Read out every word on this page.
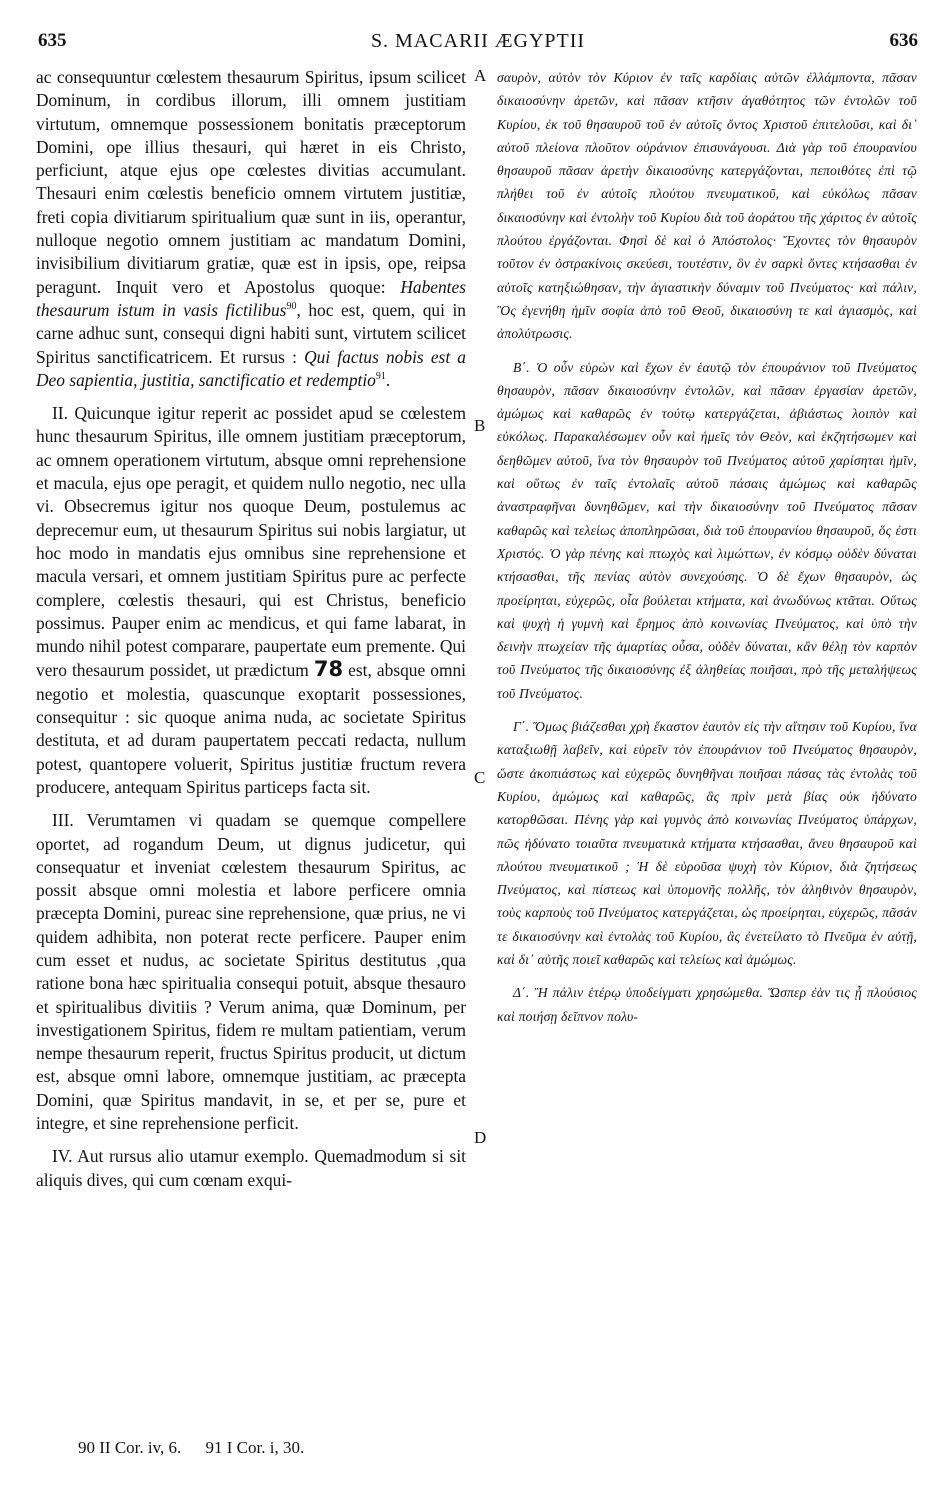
635	S. MACARII ÆGYPTII	636

ac consequuntur cœlestem thesaurum Spiritus, ipsum scilicet Dominum, in cordibus illorum, illi omnem justitiam virtutum, omnemque possessionem bonitatis præceptorum Domini, ope illius thesauri, qui hæret in eis Christo, perficiunt, atque ejus ope cœlestes divitias accumulant. Thesauri enim cœlestis beneficio omnem virtutem justitiæ, freti copia divitiarum spiritualium quæ sunt in iis, operantur, nulloque negotio omnem justitiam ac mandatum Domini, invisibilium divitiarum gratiæ, quæ est in ipsis, ope, reipsa peragunt. Inquit vero et Apostolus quoque: Habentes thesaurum istum in vasis fictilibus$^{90}$, hoc est, quem, qui in carne adhuc sunt, consequi digni habiti sunt, virtutem scilicet Spiritus sanctificatricem. Et rursus : Qui factus nobis est a Deo sapientia, justitia, sanctificatio et redemptio$^{91}$.

II. Quicunque igitur reperit ac possidet apud se cœlestem hunc thesaurum Spiritus, ille omnem justitiam præceptorum, ac omnem operationem virtutum, absque omni reprehensione et macula, ejus ope peragit, et quidem nullo negotio, nec ulla vi. Obsecremus igitur nos quoque Deum, postulemus ac deprecemur eum, ut thesaurum Spiritus sui nobis largiatur, ut hoc modo in mandatis ejus omnibus sine reprehensione et macula versari, et omnem justitiam Spiritus pure ac perfecte complere, cœlestis thesauri, qui est Christus, beneficio possimus. Pauper enim ac mendicus, et qui fame labarat, in mundo nihil potest comparare, paupertate eum premente. Qui vero thesaurum possidet, ut prædictum 78 est, absque omni negotio et molestia, quascunque exoptarit possessiones, consequitur : sic quoque anima nuda, ac societate Spiritus destituta, et ad duram paupertatem peccati redacta, nullum potest, quantopere voluerit, Spiritus justitiæ fructum revera producere, antequam Spiritus particeps facta sit.

III. Verumtamen vi quadam se quemque compellere oportet, ad rogandum Deum, ut dignus judicetur, qui consequatur et inveniat cœlestem thesaurum Spiritus, ac possit absque omni molestia et labore perficere omnia præcepta Domini, pureac sine reprehensione, quæ prius, ne vi quidem adhibita, non poterat recte perficere. Pauper enim cum esset et nudus, ac societate Spiritus destitutus ,qua ratione bona hæc spiritualia consequi potuit, absque thesauro et spiritualibus divitiis ? Verum anima, quæ Dominum, per investigationem Spiritus, fidem re multam patientiam, verum nempe thesaurum reperit, fructus Spiritus producit, ut dictum est, absque omni labore, omnemque justitiam, ac præcepta Domini, quæ Spiritus mandavit, in se, et per se, pure et integre, et sine reprehensione perficit.

IV. Aut rursus alio utamur exemplo. Quemadmodum si sit aliquis dives, qui cum cœnam exqui-

A
B
C
D

σαυρὸν, αὐτὸν τὸν Κύριον ἐν ταῖς καρδίαις αὐτῶν ἐλλάμποντα, πᾶσαν δικαιοσύνην ἀρετῶν, καὶ πᾶσαν κτῆσιν ἀγαθότητος τῶν ἐντολῶν τοῦ Κυρίου, ἐκ τοῦ θησαυροῦ τοῦ ἐν αὐτοῖς ὄντος Χριστοῦ ἐπιτελοῦσι, καὶ δι᾽ αὐτοῦ πλείονα πλοῦτον οὐράνιον ἐπισυνάγουσι. Διὰ γὰρ τοῦ ἐπουρανίου θησαυροῦ πᾶσαν ἀρετὴν δικαιοσύνης κατεργάζονται, πεποιθότες ἐπὶ τῷ πλήθει τοῦ ἐν αὐτοῖς πλούτου πνευματικοῦ, καὶ εὐκόλως πᾶσαν δικαιοσύνην καὶ ἐντολὴν τοῦ Κυρίου διὰ τοῦ ἀοράτου τῆς χάριτος ἐν αὐτοῖς πλούτου ἐργάζονται. Φησὶ δὲ καὶ ὁ Ἀπόστολος· Ἔχοντες τὸν θησαυρὸν τοῦτον ἐν ὀστρακίνοις σκεύεσι, τουτέστιν, ὃν ἐν σαρκὶ ὄντες κτήσασθαι ἐν αὐτοῖς κατηξιώθησαν, τὴν ἁγιαστικὴν δύναμιν τοῦ Πνεύματος· καὶ πάλιν, Ὃς ἐγενήθη ἡμῖν σοφία ἀπὸ τοῦ Θεοῦ, δικαιοσύνη τε καὶ ἁγιασμὸς, καὶ ἀπολύτρωσις.

Β΄. Ὁ οὖν εὑρὼν καὶ ἔχων ἐν ἑαυτῷ τὸν ἐπουράνιον τοῦ Πνεύματος θησαυρὸν, πᾶσαν δικαιοσύνην ἐντολῶν, καὶ πᾶσαν ἐργασίαν ἀρετῶν, ἀμώμως καὶ καθαρῶς ἐν τούτῳ κατεργάζεται, ἀβιάστως λοιπὸν καὶ εὐκόλως. Παρακαλέσωμεν οὖν καὶ ἡμεῖς τὸν Θεὸν, καὶ ἐκζητήσωμεν καὶ δεηθῶμεν αὐτοῦ, ἵνα τὸν θησαυρὸν τοῦ Πνεύματος αὐτοῦ χαρίσηται ἡμῖν, καὶ οὕτως ἐν ταῖς ἐντολαῖς αὐτοῦ πάσαις ἀμώμως καὶ καθαρῶς ἀναστραφῆναι δυνηθῶμεν, καὶ τὴν δικαιοσύνην τοῦ Πνεύματος πᾶσαν καθαρῶς καὶ τελείως ἀποπληρῶσαι, διὰ τοῦ ἐπουρανίου θησαυροῦ, ὅς ἐστι Χριστός. Ὁ γὰρ πένης καὶ πτωχὸς καὶ λιμώττων, ἐν κόσμῳ οὐδὲν δύναται κτήσασθαι, τῆς πενίας αὐτὸν συνεχούσης. Ὁ δὲ ἔχων θησαυρὸν, ὡς προείρηται, εὐχερῶς, οἷα βούλεται κτήματα, καὶ ἀνωδύνως κτᾶται. Οὕτως καὶ ψυχὴ ἡ γυμνὴ καὶ ἔρημος ἀπὸ κοινωνίας Πνεύματος, καὶ ὑπὸ τὴν δεινὴν πτωχείαν τῆς ἁμαρτίας οὖσα, οὐδὲν δύναται, κἂν θέλῃ τὸν καρπὸν τοῦ Πνεύματος τῆς δικαιοσύνης ἐξ ἀληθείας ποιῆσαι, πρὸ τῆς μεταλήψεως τοῦ Πνεύματος.

Γ΄. Ὅμως βιάζεσθαι χρὴ ἕκαστον ἑαυτὸν εἰς τὴν αἴτησιν τοῦ Κυρίου, ἵνα καταξιωθῇ λαβεῖν, καὶ εὑρεῖν τὸν ἐπουράνιον τοῦ Πνεύματος θησαυρὸν, ὥστε ἀκοπιάστως καὶ εὐχερῶς δυνηθῆναι ποιῆσαι πάσας τὰς ἐντολὰς τοῦ Κυρίου, ἀμώμως καὶ καθαρῶς, ἃς πρὶν μετὰ βίας οὐκ ἠδύνατο κατορθῶσαι. Πένης γὰρ καὶ γυμνὸς ἀπὸ κοινωνίας Πνεύματος ὑπάρχων, πῶς ἠδύνατο τοιαῦτα πνευματικὰ κτήματα κτήσασθαι, ἄνευ θησαυροῦ καὶ πλούτου πνευματικοῦ ; Ἡ δὲ εὑροῦσα ψυχὴ τὸν Κύριον, διὰ ζητήσεως Πνεύματος, καὶ πίστεως καὶ ὑπομονῆς πολλῆς, τὸν ἀληθινὸν θησαυρὸν, τοὺς καρποὺς τοῦ Πνεύματος κατεργάζεται, ὡς προείρηται, εὐχερῶς, πᾶσάν τε δικαιοσύνην καὶ ἐντολὰς τοῦ Κυρίου, ἃς ἐνετείλατο τὸ Πνεῦμα ἐν αὐτῇ, καὶ δι᾽ αὐτῆς ποιεῖ καθαρῶς καὶ τελείως καὶ ἀμώμως.

Δ΄. Ἢ πάλιν ἑτέρῳ ὑποδείγματι χρησώμεθα. Ὥσπερ ἐὰν τις ᾖ πλούσιος καὶ ποιήσῃ δεῖπνον πολυ-

90 II Cor. iv, 6. 91 I Cor. i, 30.
